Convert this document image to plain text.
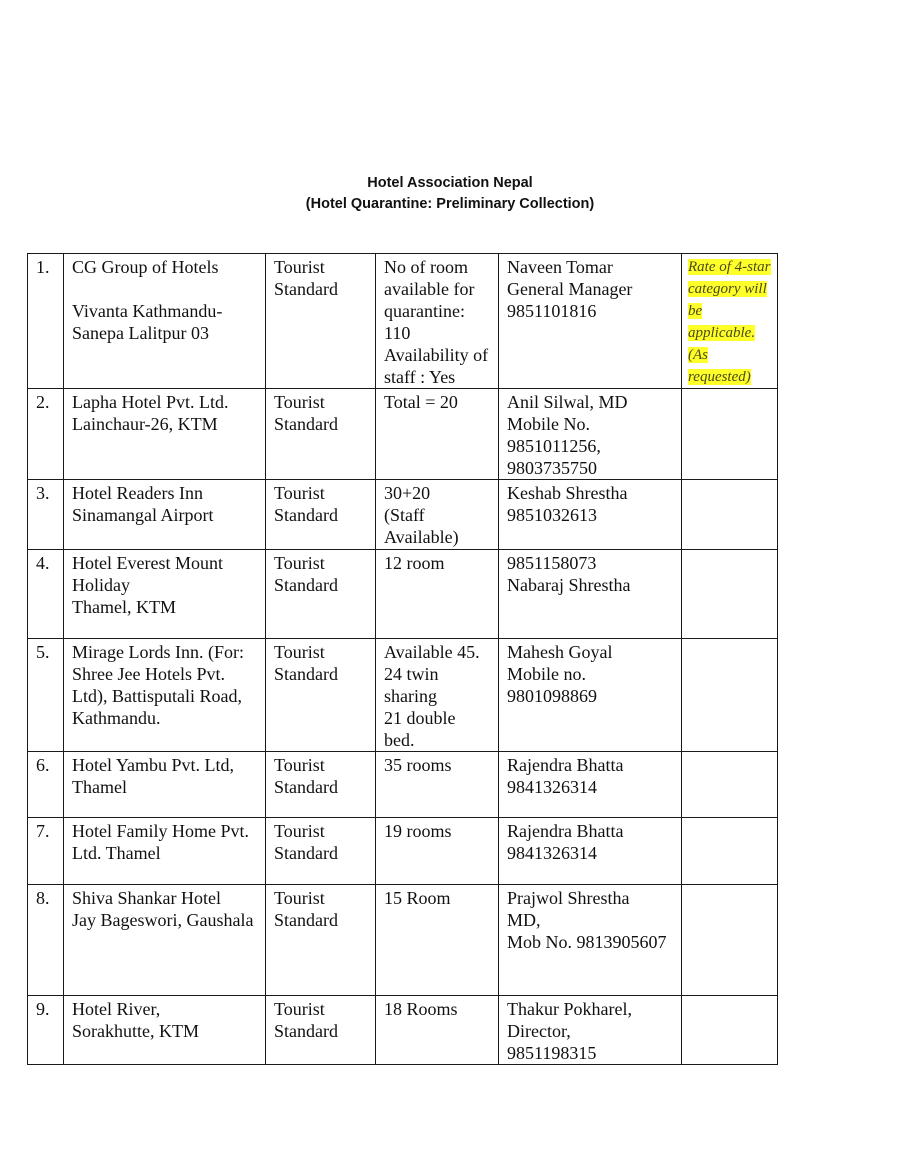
Hotel Association Nepal
(Hotel Quarantine: Preliminary Collection)
1.	CG Group of Hotels

Vivanta Kathmandu-
Sanepa Lalitpur 03	Tourist
Standard	No of room
available for
quarantine: 110
Availability of
staff : Yes	Naveen Tomar
General Manager
9851101816	Rate of 4-star category will be applicable. (As requested)
2.	Lapha Hotel Pvt. Ltd.
Lainchaur-26, KTM	Tourist
Standard	Total = 20	Anil Silwal, MD
Mobile No.
9851011256,
9803735750	
3.	Hotel Readers Inn
Sinamangal Airport	Tourist
Standard	30+20
(Staff
Available)	Keshab Shrestha
9851032613	
4.	Hotel Everest Mount
Holiday
Thamel, KTM	Tourist
Standard	12 room	9851158073
Nabaraj Shrestha	
5.	Mirage Lords Inn. (For:
Shree Jee Hotels Pvt.
Ltd), Battisputali Road,
Kathmandu.	Tourist
Standard	Available 45.
24 twin
sharing
21 double bed.	Mahesh Goyal
Mobile no.
9801098869	
6.	Hotel Yambu Pvt. Ltd,
Thamel	Tourist
Standard	35 rooms	Rajendra Bhatta
9841326314	
7.	Hotel Family Home Pvt.
Ltd. Thamel	Tourist
Standard	19 rooms	Rajendra Bhatta
9841326314	
8.	Shiva Shankar Hotel
Jay Bageswori, Gaushala	Tourist
Standard	15 Room	Prajwol Shrestha
MD,
Mob No. 9813905607	
9.	Hotel River,
Sorakhutte, KTM	Tourist
Standard	18 Rooms	Thakur Pokharel,
Director,
9851198315	
